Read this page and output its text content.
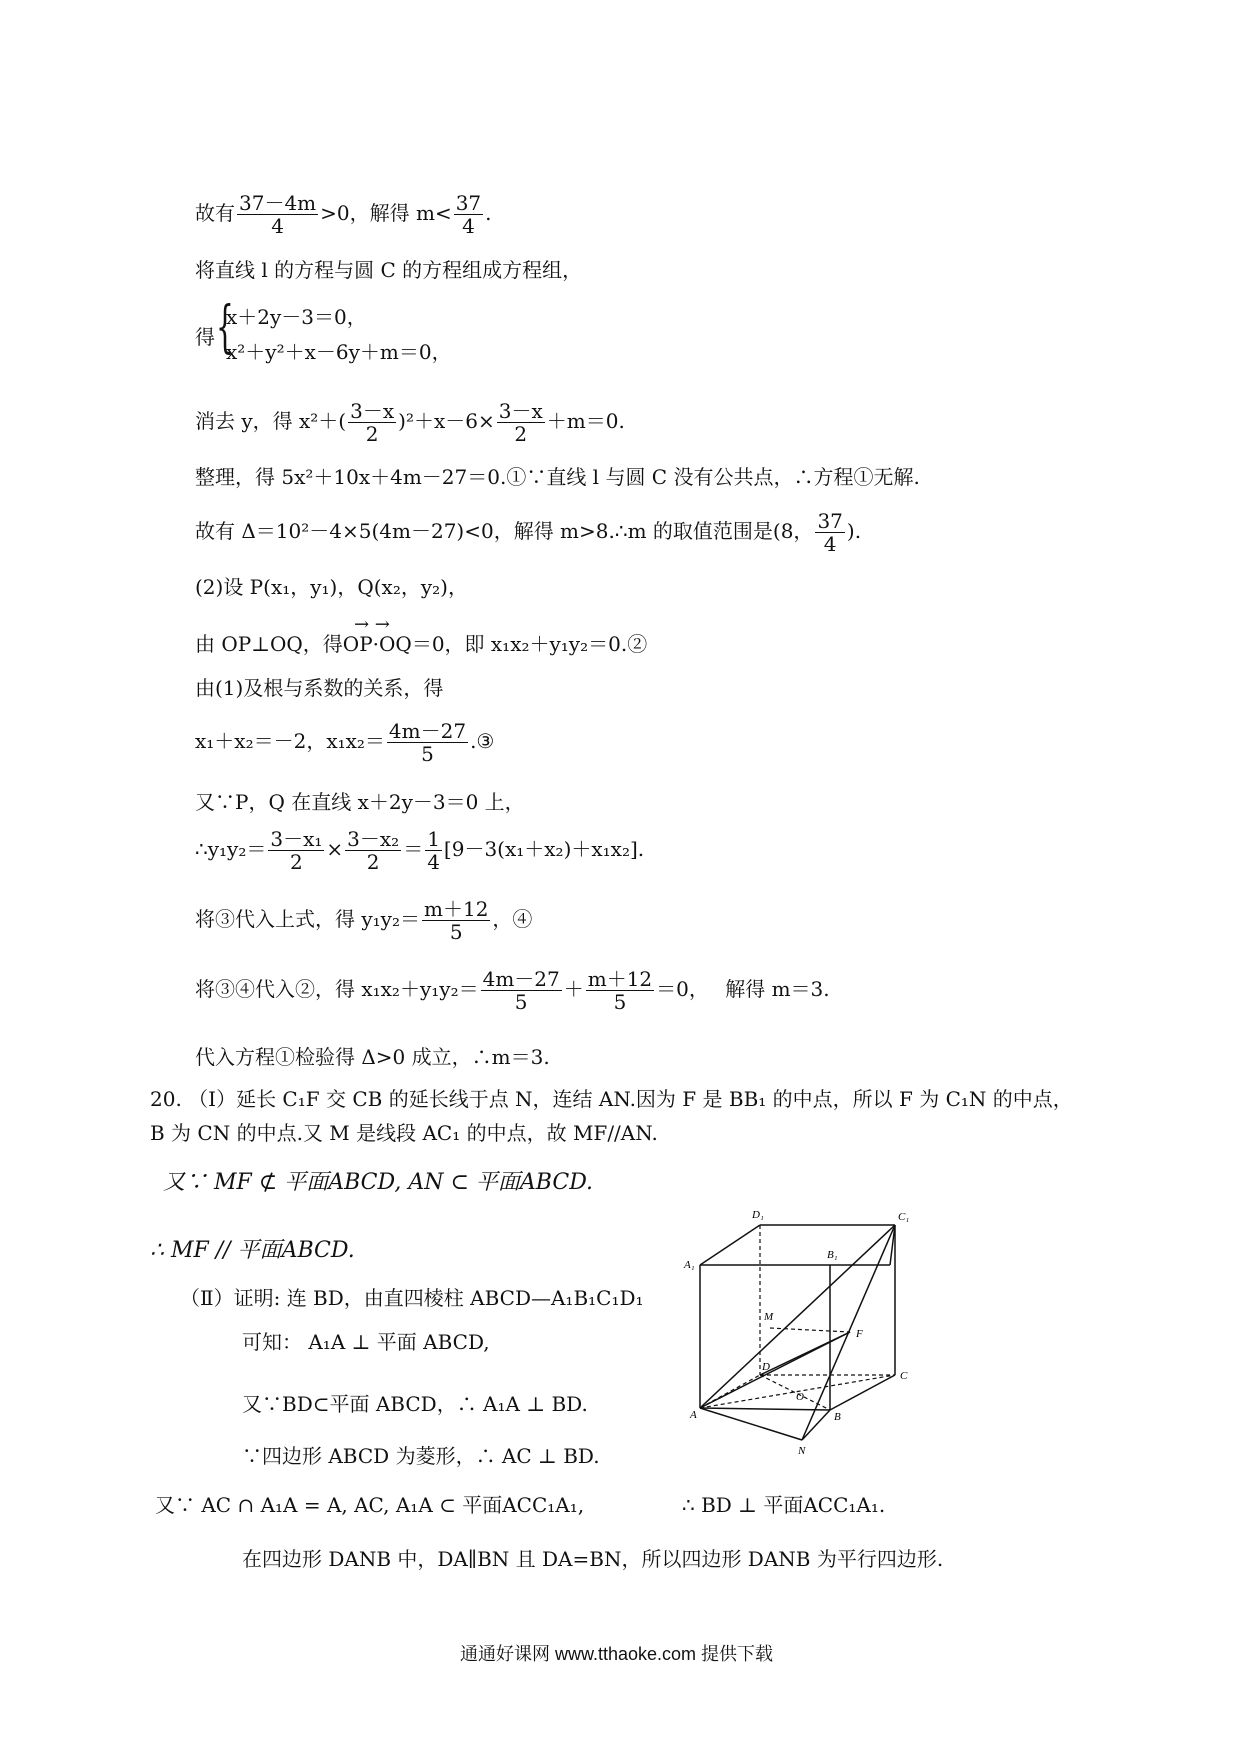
故有 $\frac{37-4m}{4} >0$，解得 $m< \frac{37}{4}$ .
将直线 l 的方程与圆 C 的方程组成方程组，
得 {
x＋2y－3＝0，
x²＋y²＋x－6y＋m＝0，
消去 y，得 $x^2+( \frac{3-x}{2} )^2+x-6\times \frac{3-x}{2} +m=0$.
整理，得 5x²＋10x＋4m－27＝0.①∵直线 l 与圆 C 没有公共点，∴方程①无解.
故有 Δ＝10²－4×5(4m－27)<0，解得 m>8.∴m 的取值范围是(8， $\frac{37}{4}$ ).
(2)设 P(x₁，y₁)，Q(x₂，y₂)，
→ →
由 OP⊥OQ，得OP·OQ＝0，即 x₁x₂＋y₁y₂＝0.②
由(1)及根与系数的关系，得
x₁＋x₂＝－2，$x_1x_2= \frac{4m-27}{5}$ .③
又∵P，Q 在直线 x＋2y－3＝0 上，
∴y₁y₂＝ $\frac{\text{3－x₁}}{2} \times \frac{\text{3－x₂}}{2} = \frac{1}{4} [9-3(x_1+x_2)+x_1x_2]$.
将③代入上式，得 $y_1y_2= \frac{m+12}{5}$ ，④
将③④代入②，得 $x_1x_2+y_1y_2= \frac{4m-27}{5} + \frac{m+12}{5} =0$，　 解得 m＝3.
代入方程①检验得 Δ>0 成立，∴m＝3.
20. （Ⅰ）延长 C₁F 交 CB 的延长线于点 N，连结 AN.因为 F 是 BB₁ 的中点，所以 F 为 C₁N 的中点，
B 为 CN 的中点.又 M 是线段 AC₁ 的中点，故 MF//AN.
又∵ MF ⊄ 平面ABCD, AN ⊂ 平面ABCD.
∴ MF // 平面ABCD.
（Ⅱ）证明: 连 BD，由直四棱柱 ABCD—A₁B₁C₁D₁
可知： A₁A ⊥ 平面 ABCD,
又∵BD⊂平面 ABCD，∴ A₁A ⊥ BD.
∵四边形 ABCD 为菱形，∴ AC ⊥ BD.
又∵ AC ∩ A₁A = A, AC, A₁A ⊂ 平面ACC₁A₁,	∴ BD ⊥ 平面ACC₁A₁.
在四边形 DANB 中，DA∥BN 且 DA=BN，所以四边形 DANB 为平行四边形.
D₁	C₁
A₁
B₁
M
F
D
C
O
A	B
N
通通好课网 www.tthaoke.com 提供下载
